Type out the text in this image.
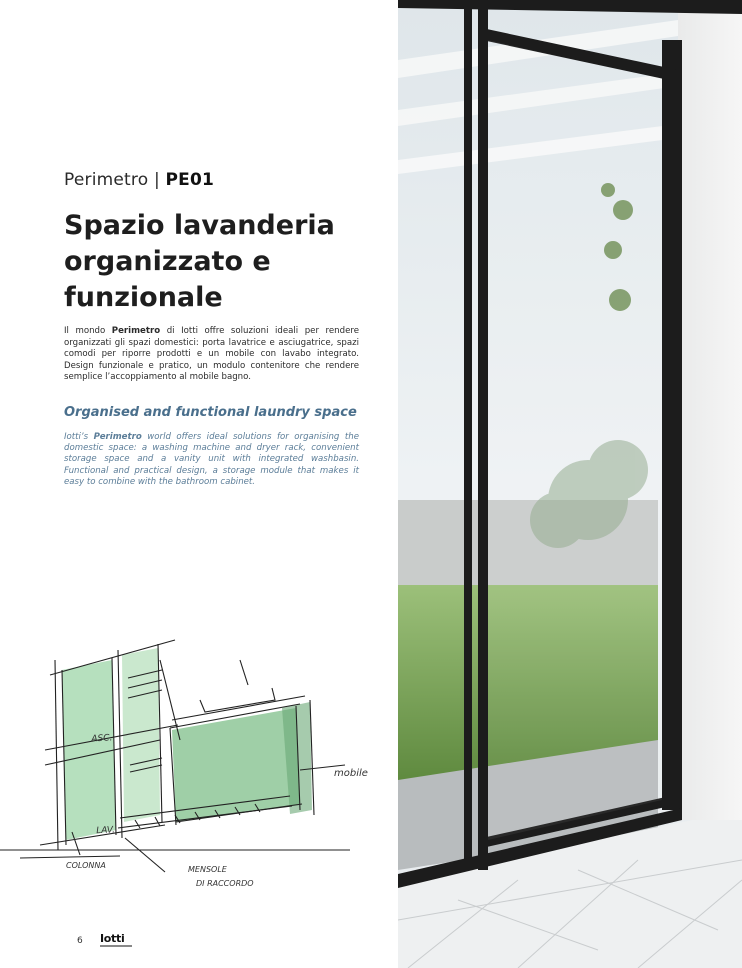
Perimetro | PE01
Spazio lavanderia organizzato e funzionale

Il mondo Perimetro di Iotti offre soluzioni ideali per rendere organizzati gli spazi domestici: porta lavatrice e asciugatrice, spazi comodi per riporre prodotti e un mobile con lavabo integrato. Design funzionale e pratico, un modulo contenitore che rendere semplice l’accoppiamento al mobile bagno.

Organised and functional laundry space

Iotti’s Perimetro world offers ideal solutions for organising the domestic space: a washing machine and dryer rack, convenient storage space and a vanity unit with integrated washbasin. Functional and practical design, a storage module that makes it easy to combine with the bathroom cabinet.

ASC.
LAV.
mobile
COLONNA	MENSOLE
DI RACCORDO
6 Iotti
